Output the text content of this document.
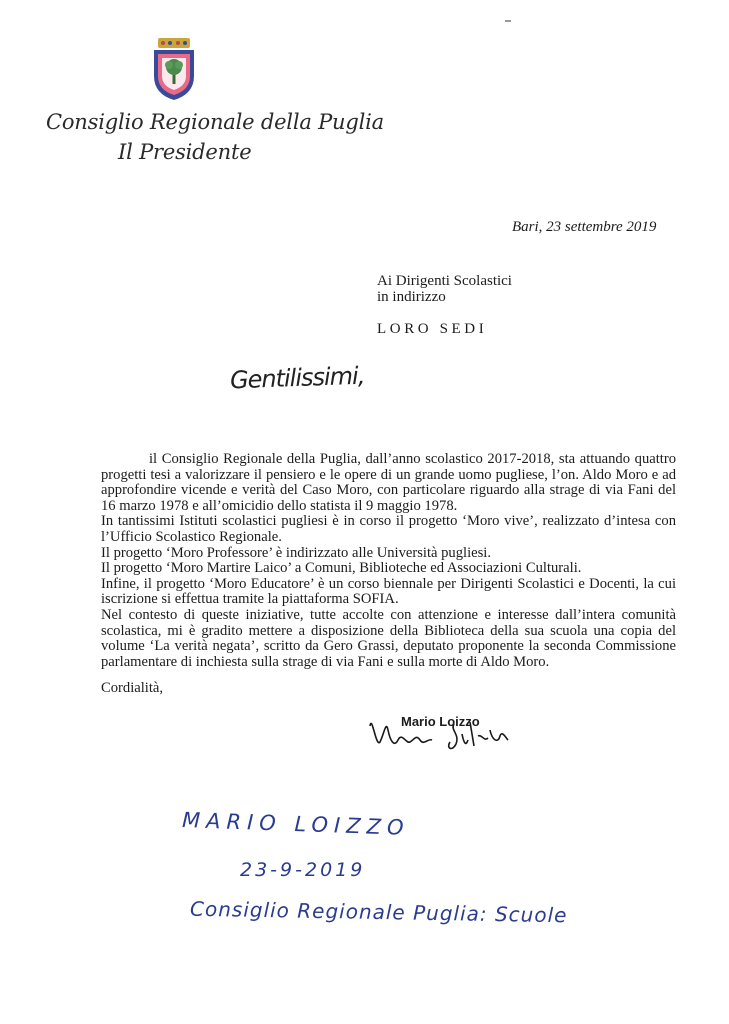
Consiglio Regionale della Puglia
Il Presidente
Bari, 23 settembre 2019
Ai Dirigenti Scolastici
in indirizzo
LORO SEDI
Gentilissimi,

il Consiglio Regionale della Puglia, dall’anno scolastico 2017-2018, sta attuando quattro progetti tesi a valorizzare il pensiero e le opere di un grande uomo pugliese, l’on. Aldo Moro e ad approfondire vicende e verità del Caso Moro, con particolare riguardo alla strage di via Fani del 16 marzo 1978 e all’omicidio dello statista il 9 maggio 1978.

In tantissimi Istituti scolastici pugliesi è in corso il progetto ‘Moro vive’, realizzato d’intesa con l’Ufficio Scolastico Regionale.

Il progetto ‘Moro Professore’ è indirizzato alle Università pugliesi.

Il progetto ‘Moro Martire Laico’ a Comuni, Biblioteche ed Associazioni Culturali.

Infine, il progetto ‘Moro Educatore’ è un corso biennale per Dirigenti Scolastici e Docenti, la cui iscrizione si effettua tramite la piattaforma SOFIA.

Nel contesto di queste iniziative, tutte accolte con attenzione e interesse dall’intera comunità scolastica, mi è gradito mettere a disposizione della Biblioteca della sua scuola una copia del volume ‘La verità negata’, scritto da Gero Grassi, deputato proponente la seconda Commissione parlamentare di inchiesta sulla strage di via Fani e sulla morte di Aldo Moro.

Cordialità,
Mario Loizzo
MARIO LOIZZO
23-9-2019
Consiglio Regionale Puglia: Scuole
